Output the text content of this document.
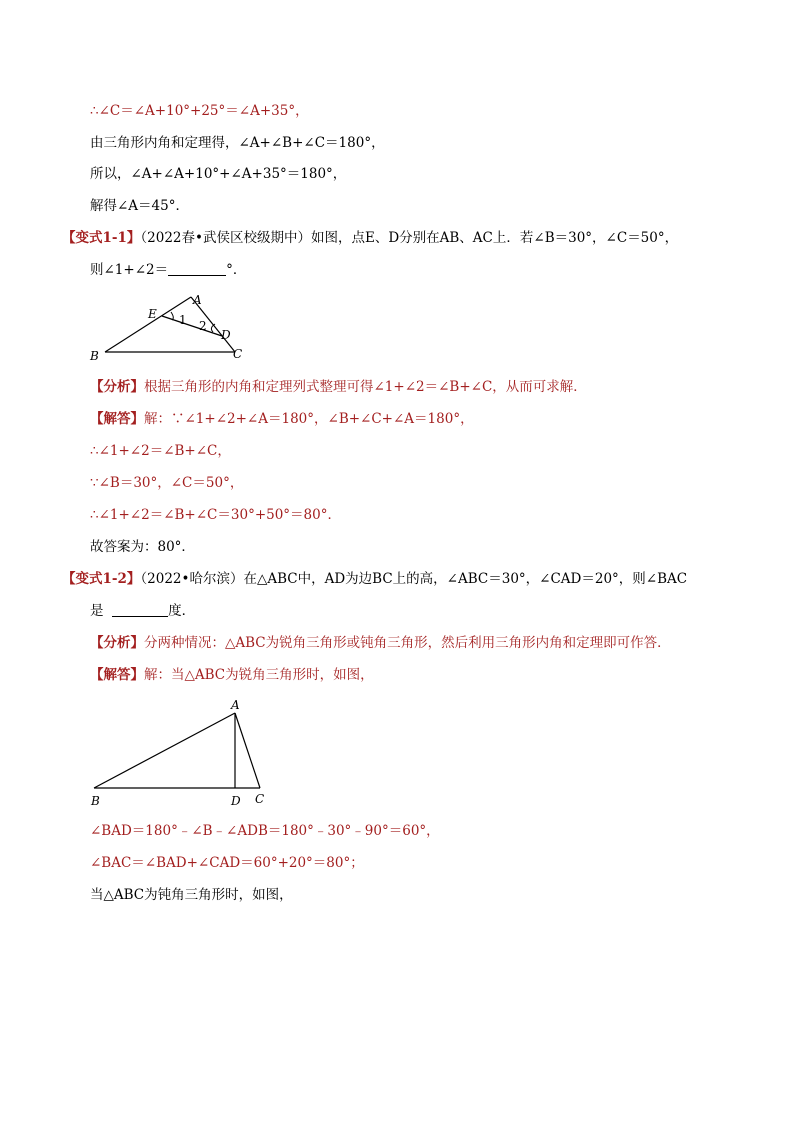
∴∠C＝∠A+10°+25°＝∠A+35°，
由三角形内角和定理得，∠A+∠B+∠C＝180°，
所以，∠A+∠A+10°+∠A+35°＝180°，
解得∠A＝45°．
【变式1-1】（2022春•武侯区校级期中）如图，点E、D分别在AB、AC上．若∠B＝30°，∠C＝50°，
则∠1+∠2＝	°．
A
B	C
D
E 1 2
【分析】根据三角形的内角和定理列式整理可得∠1+∠2＝∠B+∠C，从而可求解．
【解答】解：∵∠1+∠2+∠A＝180°，∠B+∠C+∠A＝180°，
∴∠1+∠2＝∠B+∠C，
∵∠B＝30°，∠C＝50°，
∴∠1+∠2＝∠B+∠C＝30°+50°＝80°．
故答案为：80°．
【变式1-2】（2022•哈尔滨）在△ABC中，AD为边BC上的高，∠ABC＝30°，∠CAD＝20°，则∠BAC
是	度．
【分析】分两种情况：△ABC为锐角三角形或钝角三角形，然后利用三角形内角和定理即可作答．
【解答】解：当△ABC为锐角三角形时，如图，
A
B	D C
∠BAD＝180°﹣∠B﹣∠ADB＝180°﹣30°﹣90°＝60°，
∠BAC＝∠BAD+∠CAD＝60°+20°＝80°；
当△ABC为钝角三角形时，如图，
